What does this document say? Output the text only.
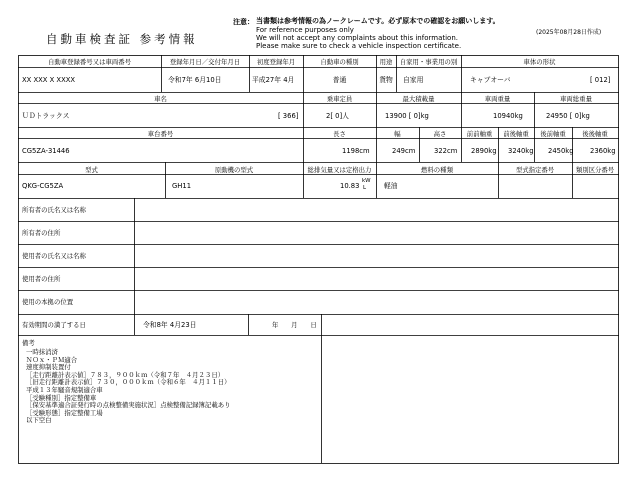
自動車検査証 参考情報
注意： 当書類は参考情報の為ノークレームです。必ず原本での確認をお願いします。
For reference purposes only
We will not accept any complaints about this information.
Please make sure to check a vehicle inspection certificate.
(2025年08月28日作成)
自動車登録番号又は車両番号	登録年月日／交付年月日	初度登録年月	自動車の種別	用途	自家用・事業用の別	車体の形状
XX XXX X XXXX	令和7年 6月10日	平成27年 4月	普通	貨物	自家用	キャブオーバ	[ 012]
車名	乗車定員	最大積載量	車両重量	車両総重量
ＵＤトラックス	[ 366]	2[ 0]人	13900 [ 0]kg	10940kg	24950 [ 0]kg
車台番号	長さ	幅	高さ	前前軸重	前後軸重	後前軸重	後後軸重
CG5ZA-31446	1198cm	249cm	322cm 2890kg 3240kg 2450kg 2360kg
型式	原動機の型式	総排気量又は定格出力	燃料の種類	型式指定番号	類別区分番号
QKG-CG5ZA	GH11	10.83
kW
L	軽油
所有者の氏名又は名称
所有者の住所
使用者の氏名又は名称
使用者の住所
使用の本拠の位置
有効期間の満了する日	令和8年 4月23日	年　　月　　日
備考
一時抹消済
ＮＯｘ・ＰＭ適合
速度抑制装置付
［走行距離計表示値］７８３，９００ｋｍ（令和７年　４月２３日）
［旧走行距離計表示値］７３０，０００ｋｍ（令和６年　４月１１日）
平成１３年騒音規制適合車
［受験種別］指定整備車
［保安基準適合証発行時の点検整備実施状況］点検整備記録簿記載あり
［受験形態］指定整備工場
以下空白
